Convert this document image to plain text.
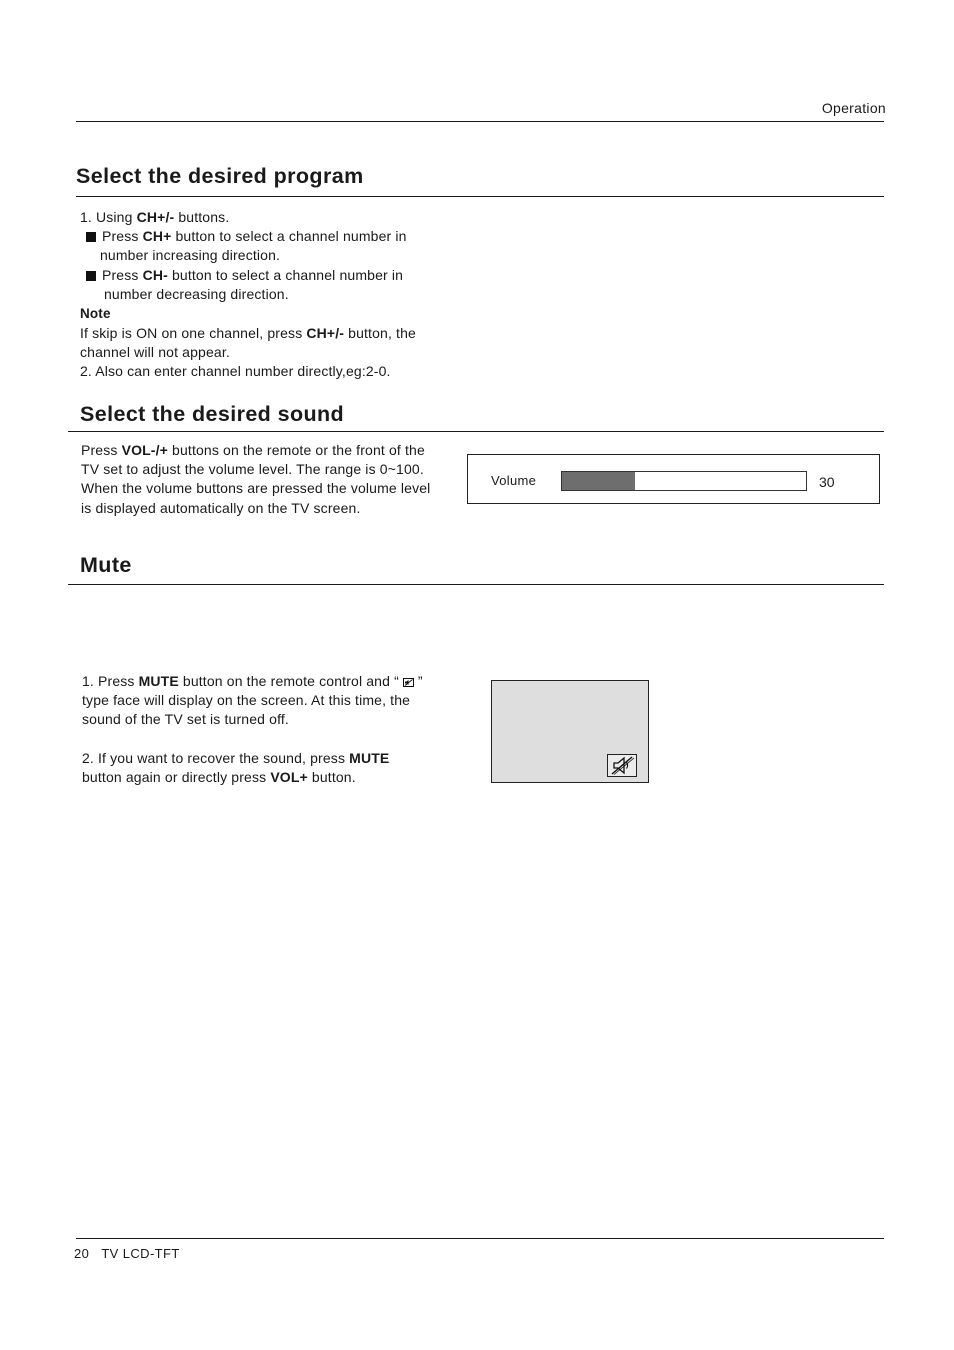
Operation
Select the desired program
1. Using CH+/- buttons.
Press CH+ button to select a channel number in
number increasing direction.
Press CH- button to select a channel number in
number decreasing direction.
Note
If skip is ON on one channel, press CH+/- button, the
channel will not appear.
2. Also can enter channel number directly,eg:2-0.
Select the desired sound
Press VOL-/+ buttons on the remote or the front of the
TV set to adjust the volume level. The range is 0~100.
When the volume buttons are pressed the volume level
is displayed automatically on the TV screen.
Volume	30
Mute
1. Press MUTE button on the remote control and “ ”
type face will display on the screen. At this time, the
sound of the TV set is turned off.
2. If you want to recover the sound, press MUTE
button again or directly press VOL+ button.
20 TV LCD-TFT
